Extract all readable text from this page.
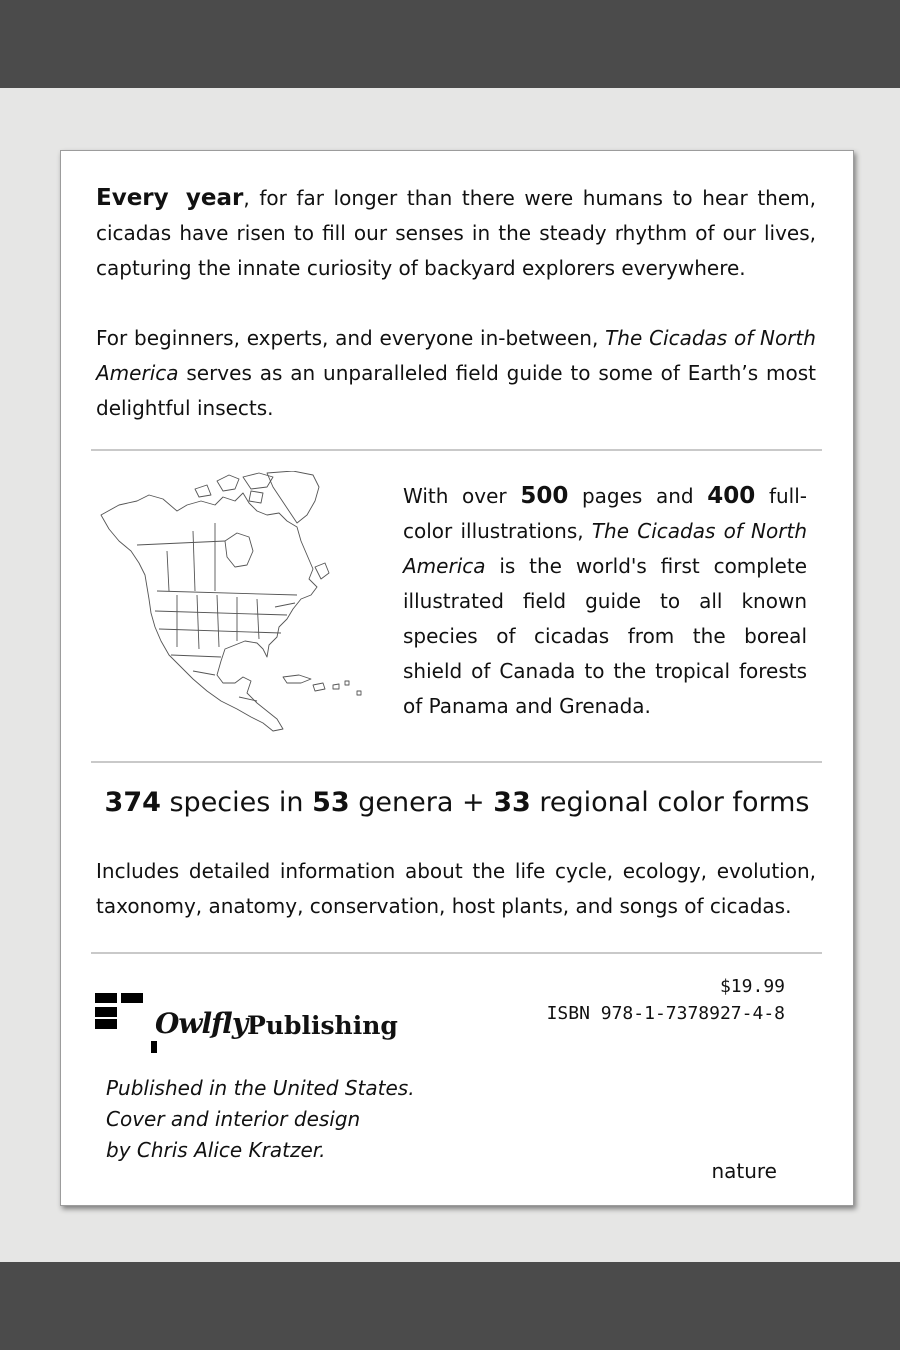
Every year, for far longer than there were humans to hear them, cicadas have risen to fill our senses in the steady rhythm of our lives, capturing the innate curiosity of backyard explorers everywhere.

For beginners, experts, and everyone in-between, The Cicadas of North America serves as an unparalleled field guide to some of Earth’s most delightful insects.

With over 500 pages and 400 full-color illustrations, The Cicadas of North America is the world's first complete illustrated field guide to all known species of cicadas from the boreal shield of Canada to the tropical forests of Panama and Grenada.

374 species in 53 genera + 33 regional color forms

Includes detailed information about the life cycle, ecology, evolution, taxonomy, anatomy, conservation, host plants, and songs of cicadas.

$19.99
ISBN 978-1-7378927-4-8

Owlfly Publishing

Published in the United States.
Cover and interior design
by Chris Alice Kratzer.

nature
